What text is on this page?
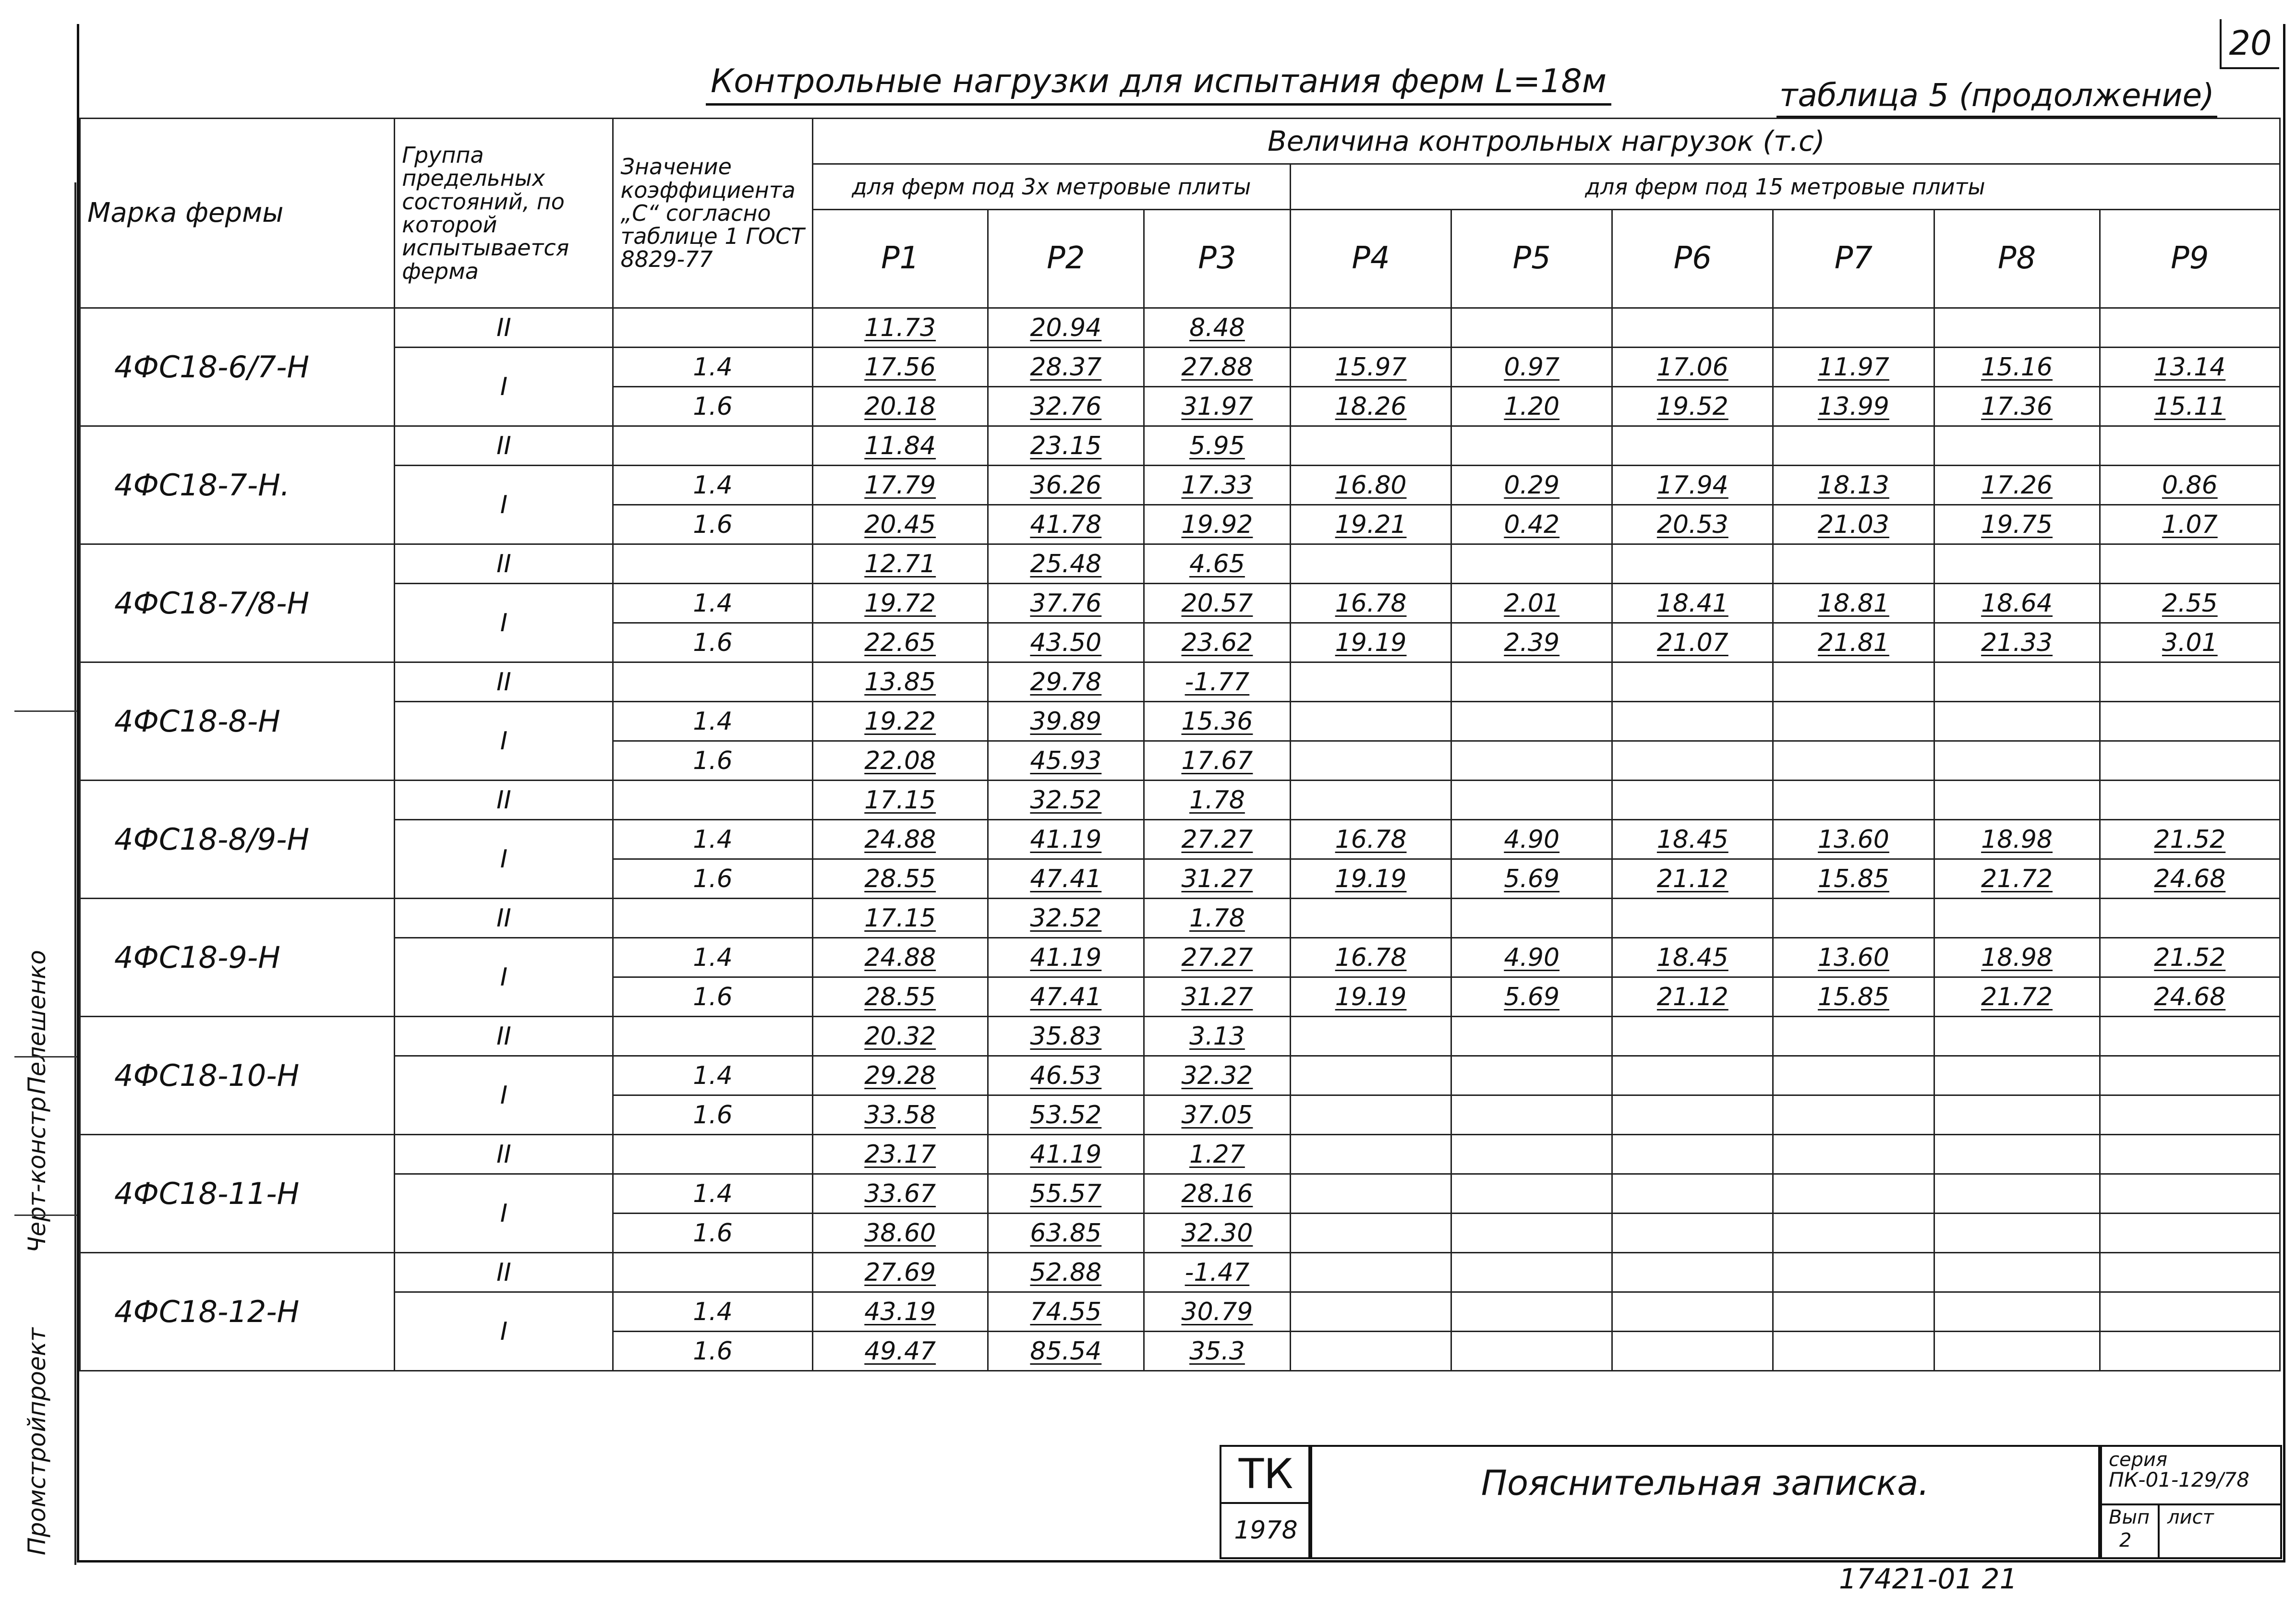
Промстройпроект
Черт-констр
Пелешенко
20
Контрольные нагрузки для испытания ферм L=18м	таблица 5 (продолжение)
Марка фермы	Группа предельных состояний, по которой испытывается ферма	Значение коэффициента „С“ согласно таблице 1 ГОСТ 8829-77	Величина контрольных нагрузок (т.с)								
			для ферм под 3х метровые плиты			для ферм под 15 метровые плиты					
			P1	P2	P3	P4	P5	P6	P7	P8	P9
4ФС18-6/7-Н	II		11.73	20.94	8.48						
	I	1.4	17.56	28.37	27.88	15.97	0.97	17.06	11.97	15.16	13.14
		1.6	20.18	32.76	31.97	18.26	1.20	19.52	13.99	17.36	15.11
4ФС18-7-Н.	II		11.84	23.15	5.95						
	I	1.4	17.79	36.26	17.33	16.80	0.29	17.94	18.13	17.26	0.86
		1.6	20.45	41.78	19.92	19.21	0.42	20.53	21.03	19.75	1.07
4ФС18-7/8-Н	II		12.71	25.48	4.65						
	I	1.4	19.72	37.76	20.57	16.78	2.01	18.41	18.81	18.64	2.55
		1.6	22.65	43.50	23.62	19.19	2.39	21.07	21.81	21.33	3.01
4ФС18-8-Н	II		13.85	29.78	-1.77						
	I	1.4	19.22	39.89	15.36						
		1.6	22.08	45.93	17.67						
4ФС18-8/9-Н	II		17.15	32.52	1.78						
	I	1.4	24.88	41.19	27.27	16.78	4.90	18.45	13.60	18.98	21.52
		1.6	28.55	47.41	31.27	19.19	5.69	21.12	15.85	21.72	24.68
4ФС18-9-Н	II		17.15	32.52	1.78						
	I	1.4	24.88	41.19	27.27	16.78	4.90	18.45	13.60	18.98	21.52
		1.6	28.55	47.41	31.27	19.19	5.69	21.12	15.85	21.72	24.68
4ФС18-10-Н	II		20.32	35.83	3.13						
	I	1.4	29.28	46.53	32.32						
		1.6	33.58	53.52	37.05						
4ФС18-11-Н	II		23.17	41.19	1.27						
	I	1.4	33.67	55.57	28.16						
		1.6	38.60	63.85	32.30						
4ФС18-12-Н	II		27.69	52.88	-1.47						
	I	1.4	43.19	74.55	30.79						
		1.6	49.47	85.54	35.3						
ТК
1978
Пояснительная записка.
серия
ПК-01-129/78
Вып
2
лист
17421-01 21
